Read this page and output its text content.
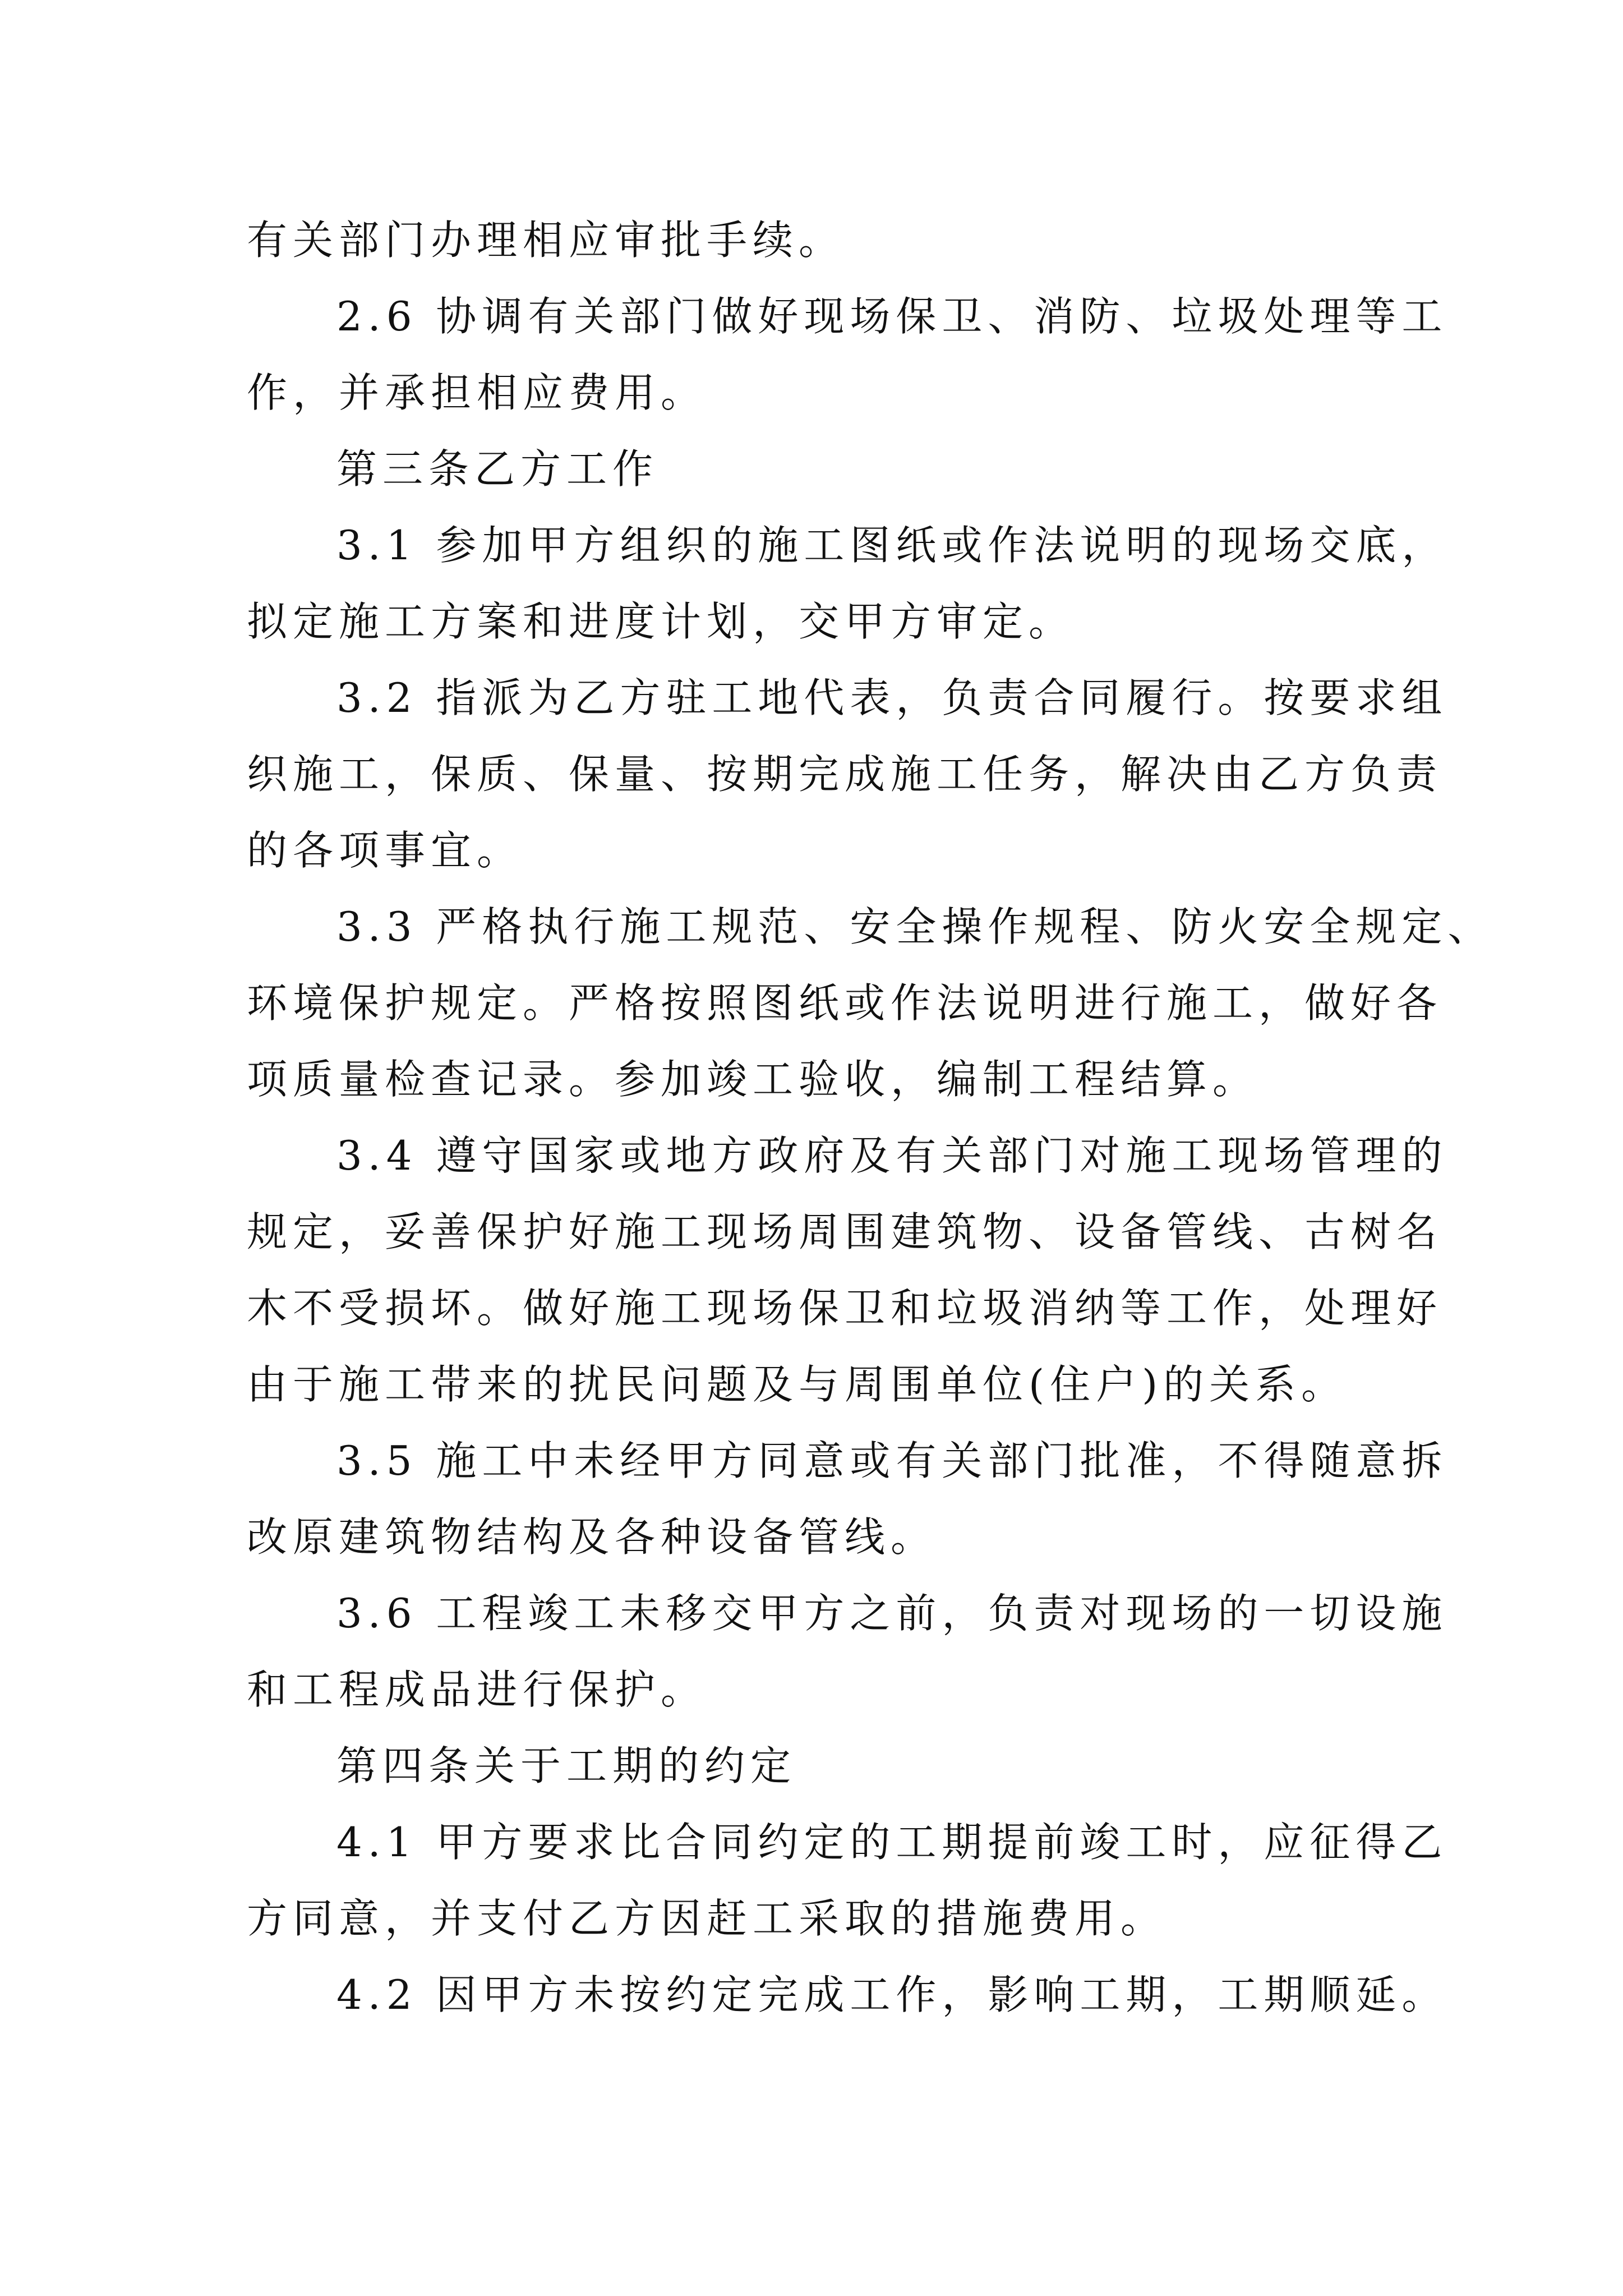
有关部门办理相应审批手续。
2.6 协调有关部门做好现场保卫、消防、垃圾处理等工
作，并承担相应费用。
第三条乙方工作
3.1 参加甲方组织的施工图纸或作法说明的现场交底，
拟定施工方案和进度计划，交甲方审定。
3.2 指派为乙方驻工地代表，负责合同履行。按要求组
织施工，保质、保量、按期完成施工任务，解决由乙方负责
的各项事宜。
3.3 严格执行施工规范、安全操作规程、防火安全规定、
环境保护规定。严格按照图纸或作法说明进行施工，做好各
项质量检查记录。参加竣工验收，编制工程结算。
3.4 遵守国家或地方政府及有关部门对施工现场管理的
规定，妥善保护好施工现场周围建筑物、设备管线、古树名
木不受损坏。做好施工现场保卫和垃圾消纳等工作，处理好
由于施工带来的扰民问题及与周围单位(住户)的关系。
3.5 施工中未经甲方同意或有关部门批准，不得随意拆
改原建筑物结构及各种设备管线。
3.6 工程竣工未移交甲方之前，负责对现场的一切设施
和工程成品进行保护。
第四条关于工期的约定
4.1 甲方要求比合同约定的工期提前竣工时，应征得乙
方同意，并支付乙方因赶工采取的措施费用。
4.2 因甲方未按约定完成工作，影响工期，工期顺延。
